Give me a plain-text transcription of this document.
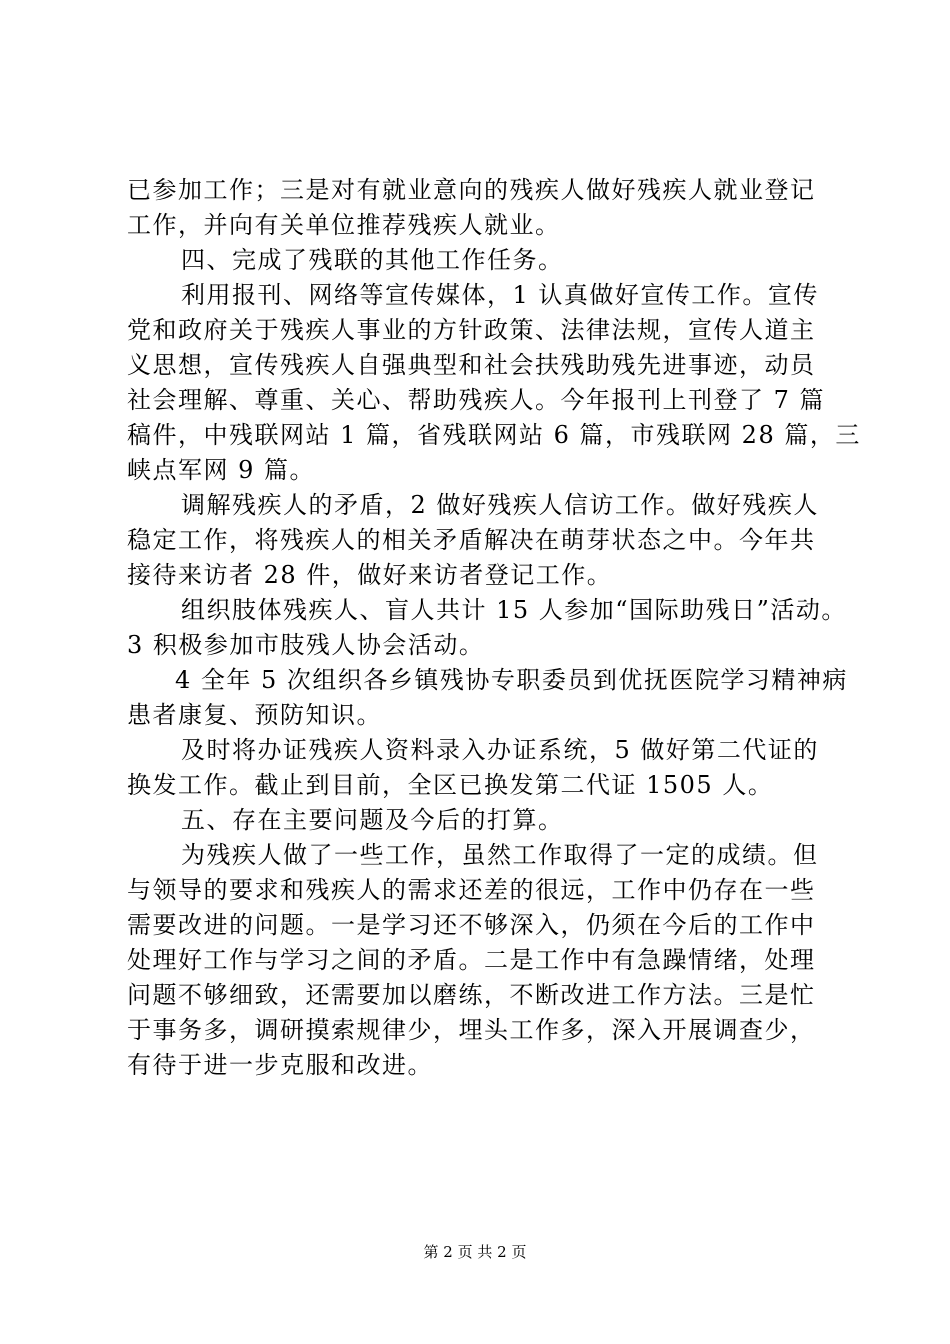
已参加工作；三是对有就业意向的残疾人做好残疾人就业登记
工作，并向有关单位推荐残疾人就业。
四、完成了残联的其他工作任务。
利用报刊、网络等宣传媒体，1 认真做好宣传工作。宣传
党和政府关于残疾人事业的方针政策、法律法规，宣传人道主
义思想，宣传残疾人自强典型和社会扶残助残先进事迹，动员
社会理解、尊重、关心、帮助残疾人。今年报刊上刊登了 7 篇
稿件，中残联网站 1 篇，省残联网站 6 篇，市残联网 28 篇，三
峡点军网 9 篇。
调解残疾人的矛盾，2 做好残疾人信访工作。做好残疾人
稳定工作，将残疾人的相关矛盾解决在萌芽状态之中。今年共
接待来访者 28 件，做好来访者登记工作。
组织肢体残疾人、盲人共计 15 人参加“国际助残日”活动。
3 积极参加市肢残人协会活动。
4 全年 5 次组织各乡镇残协专职委员到优抚医院学习精神病
患者康复、预防知识。
及时将办证残疾人资料录入办证系统，5 做好第二代证的
换发工作。截止到目前，全区已换发第二代证 1505 人。
五、存在主要问题及今后的打算。
为残疾人做了一些工作，虽然工作取得了一定的成绩。但
与领导的要求和残疾人的需求还差的很远，工作中仍存在一些
需要改进的问题。一是学习还不够深入，仍须在今后的工作中
处理好工作与学习之间的矛盾。二是工作中有急躁情绪，处理
问题不够细致，还需要加以磨练，不断改进工作方法。三是忙
于事务多，调研摸索规律少，埋头工作多，深入开展调查少，
有待于进一步克服和改进。
第 2 页 共 2 页
